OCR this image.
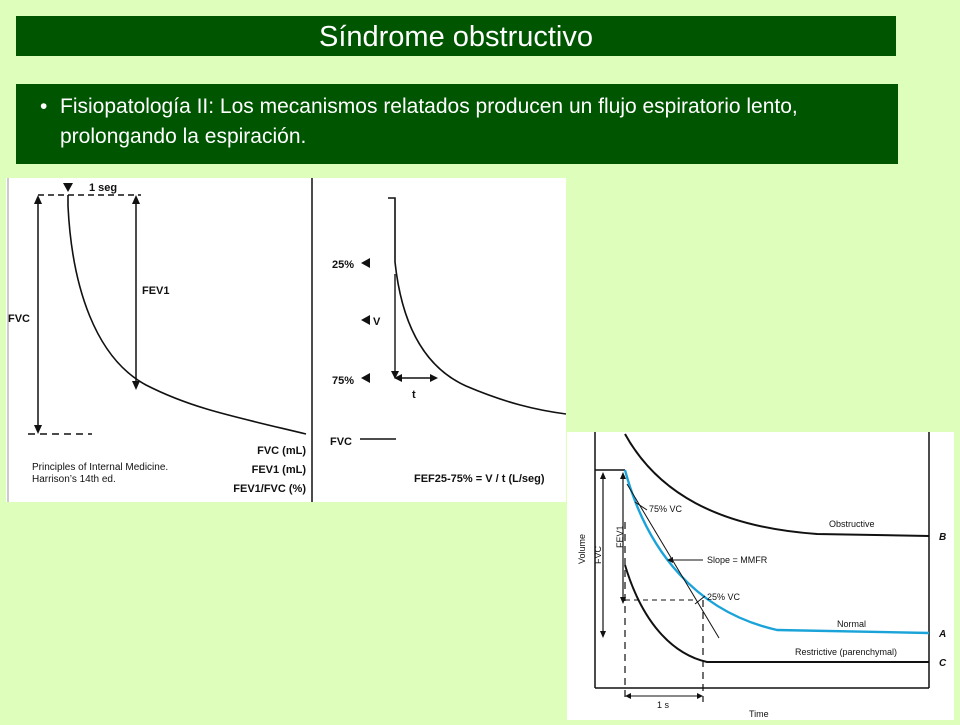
Síndrome obstructivo
• Fisiopatología II: Los mecanismos relatados producen un flujo espiratorio lento, prolongando la espiración.
1 seg
FVC
FEV1
FVC (mL)
FEV1 (mL)
FEV1/FVC (%)
Principles of Internal Medicine. Harrison’s 14th ed.
25%
V
75%
t
FVC
FEF25-75% = V / t (L/seg)
Volume
Time
Obstructive
B
Normal
A
Restrictive (parenchymal)
C
FVC
FEV1
1 s
75% VC
25% VC
Slope = MMFR
